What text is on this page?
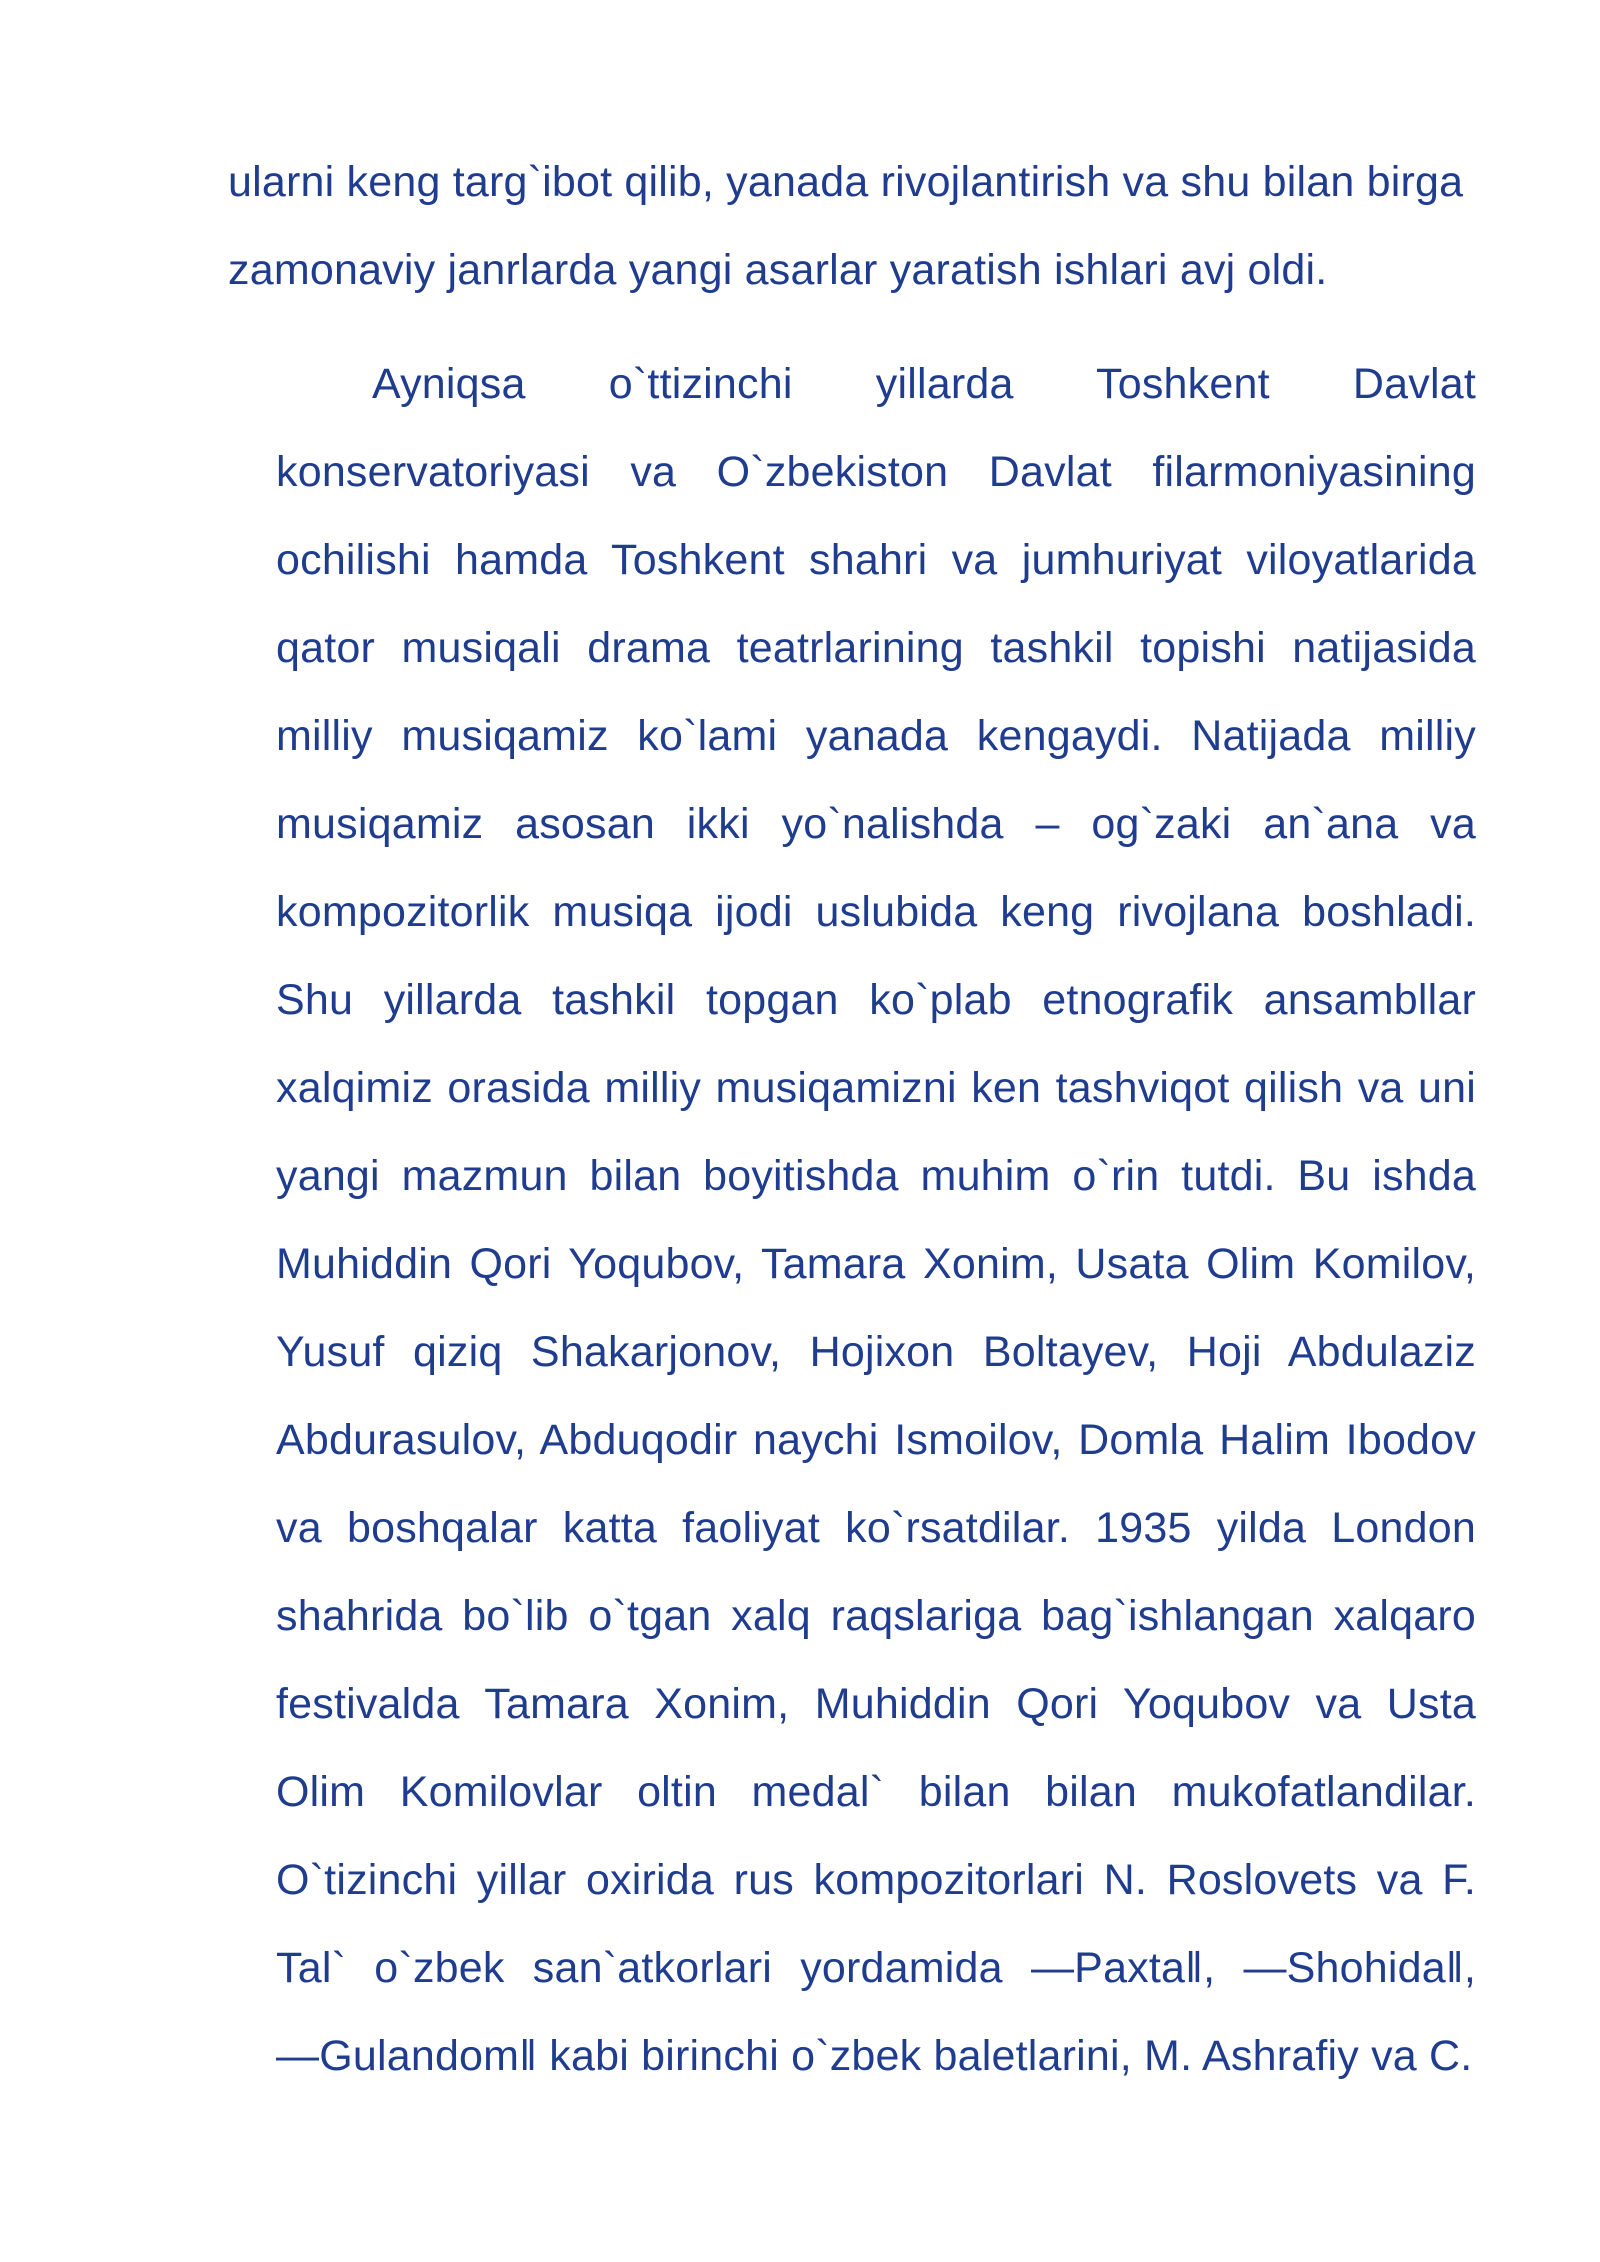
ularni keng targ`ibot qilib, yanada rivojlantirish va shu bilan birga

zamonaviy janrlarda yangi asarlar yaratish ishlari avj oldi.

Ayniqsa o`ttizinchi yillarda Toshkent Davlat

konservatoriyasi va O`zbekiston Davlat filarmoniyasining

ochilishi hamda Toshkent shahri va jumhuriyat viloyatlarida

qator musiqali drama teatrlarining tashkil topishi natijasida

milliy musiqamiz ko`lami yanada kengaydi. Natijada milliy

musiqamiz asosan ikki yo`nalishda – og`zaki an`ana va

kompozitorlik musiqa ijodi uslubida keng rivojlana boshladi.

Shu yillarda tashkil topgan ko`plab etnografik ansambllar

xalqimiz orasida milliy musiqamizni ken tashviqot qilish va uni

yangi mazmun bilan boyitishda muhim o`rin tutdi. Bu ishda

Muhiddin Qori Yoqubov, Tamara Xonim, Usata Olim Komilov,

Yusuf qiziq Shakarjonov, Hojixon Boltayev, Hoji Abdulaziz

Abdurasulov, Abduqodir naychi Ismoilov, Domla Halim Ibodov

va boshqalar katta faoliyat ko`rsatdilar. 1935 yilda London

shahrida bo`lib o`tgan xalq raqslariga bag`ishlangan xalqaro

festivalda Tamara Xonim, Muhiddin Qori Yoqubov va Usta

Olim Komilovlar oltin medal` bilan bilan mukofatlandilar.

O`tizinchi yillar oxirida rus kompozitorlari N. Roslovets va F.

Tal` o`zbek san`atkorlari yordamida ―Paxta‖, ―Shohida‖,

―Gulandom‖ kabi birinchi o`zbek baletlarini, M. Ashrafiy va C.
